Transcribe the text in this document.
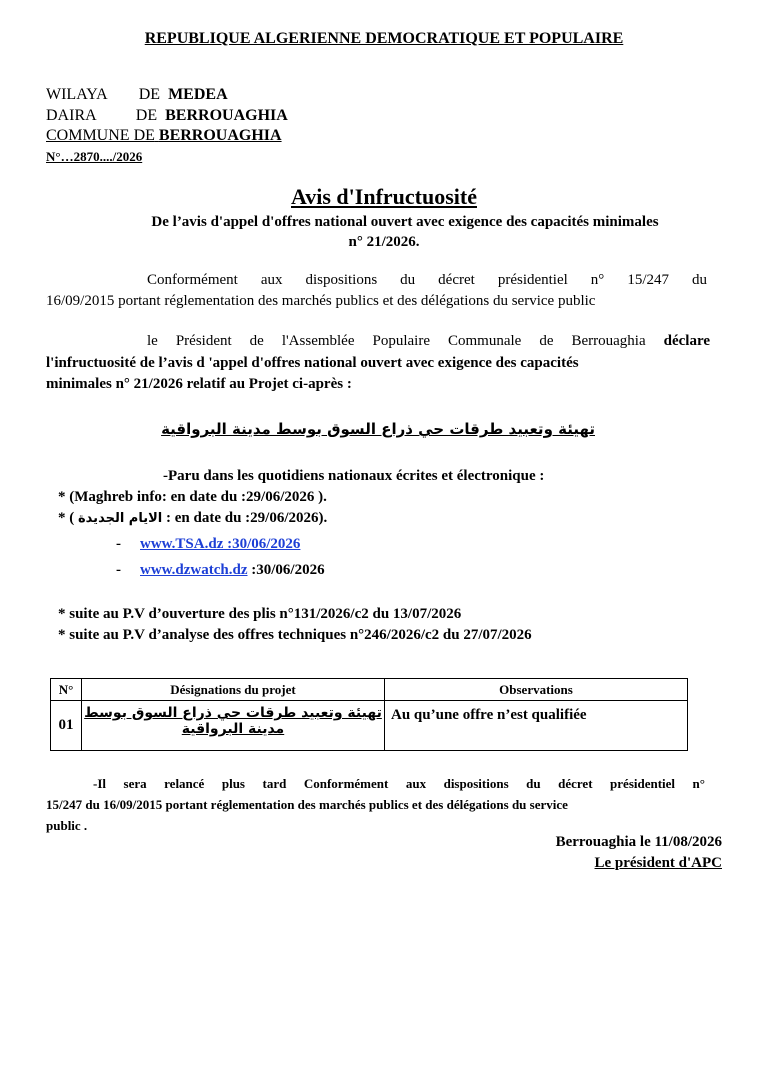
REPUBLIQUE ALGERIENNE DEMOCRATIQUE ET POPULAIRE
WILAYA DE MEDEA
DAIRA DE BERROUAGHIA
COMMUNE DE BERROUAGHIA
N°…2870..../2026
Avis d'Infructuosité
De l’avis d'appel d'offres national ouvert avec exigence des capacités minimales
n° 21/2026.
Conformément aux dispositions du décret présidentiel n° 15/247 du
16/09/2015 portant réglementation des marchés publics et des délégations du service public
le Président de l'Assemblée Populaire Communale de Berrouaghia déclare
l'infructuosité de l’avis d 'appel d'offres national ouvert avec exigence des capacités
minimales n° 21/2026 relatif au Projet ci-après :
تهيئة وتعبيد طرقات حي ذراع السوق بوسط مدينة البرواقية
-Paru dans les quotidiens nationaux écrites et électronique :
* (Maghreb info: en date du :29/06/2026 ).
* ( الايام الجديدة : en date du :29/06/2026).
- www.TSA.dz :30/06/2026
- www.dzwatch.dz :30/06/2026
* suite au P.V d’ouverture des plis n°131/2026/c2 du 13/07/2026
* suite au P.V d’analyse des offres techniques n°246/2026/c2 du 27/07/2026
N°	Désignations du projet	Observations
01	تهيئة وتعبيد طرقات حي ذراع السوق بوسط
مدينة البرواقية	Au qu’une offre n’est qualifiée
-Il sera relancé plus tard Conformément aux dispositions du décret présidentiel n°
15/247 du 16/09/2015 portant réglementation des marchés publics et des délégations du service
public .
Berrouaghia le 11/08/2026
Le président d'APC
